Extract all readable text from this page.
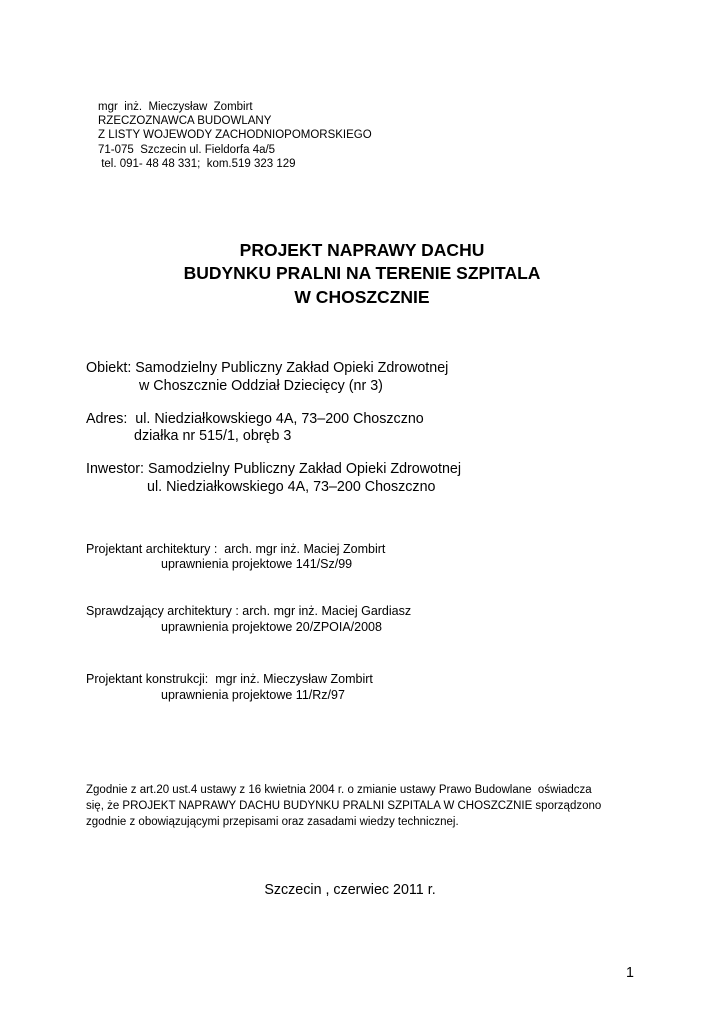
mgr  inż.  Mieczysław  Zombirt

RZECZOZNAWCA BUDOWLANY

Z LISTY WOJEWODY ZACHODNIOPOMORSKIEGO

71-075  Szczecin ul. Fieldorfa 4a/5

tel. 091- 48 48 331;  kom.519 323 129

PROJEKT NAPRAWY DACHU

BUDYNKU PRALNI NA TERENIE SZPITALA

W CHOSZCZNIE

Obiekt: Samodzielny Publiczny Zakład Opieki Zdrowotnej

w Choszcznie Oddział Dziecięcy (nr 3)

Adres:  ul. Niedziałkowskiego 4A, 73–200 Choszczno

działka nr 515/1, obręb 3

Inwestor: Samodzielny Publiczny Zakład Opieki Zdrowotnej

ul. Niedziałkowskiego 4A, 73–200 Choszczno

Projektant architektury :  arch. mgr inż. Maciej Zombirt

uprawnienia projektowe 141/Sz/99

Sprawdzający architektury : arch. mgr inż. Maciej Gardiasz

uprawnienia projektowe 20/ZPOIA/2008

Projektant konstrukcji:  mgr inż. Mieczysław Zombirt

uprawnienia projektowe 11/Rz/97

Zgodnie z art.20 ust.4 ustawy z 16 kwietnia 2004 r. o zmianie ustawy Prawo Budowlane  oświadcza

się, że PROJEKT NAPRAWY DACHU BUDYNKU PRALNI SZPITALA W CHOSZCZNIE sporządzono

zgodnie z obowiązującymi przepisami oraz zasadami wiedzy technicznej.

Szczecin , czerwiec 2011 r.

1
